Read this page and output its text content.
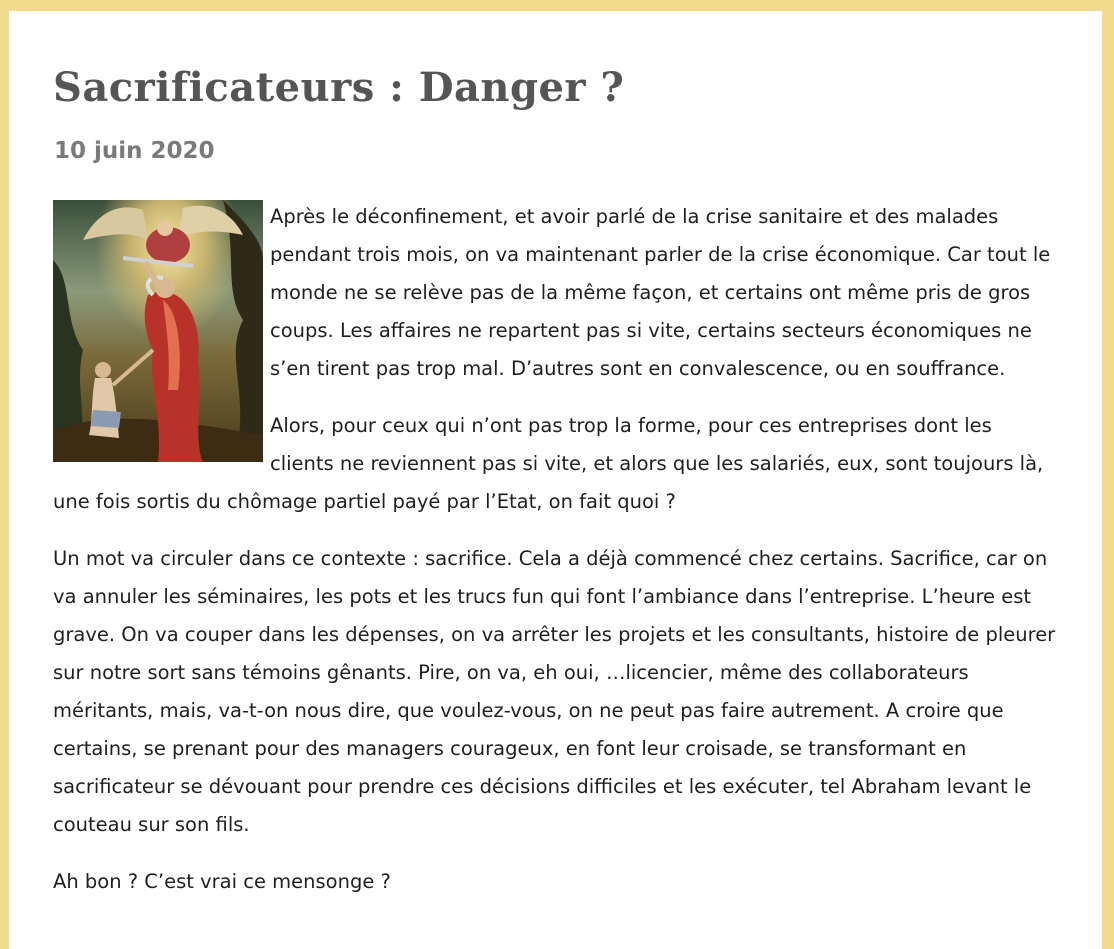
Sacrificateurs : Danger ?
10 juin 2020

Après le déconfinement, et avoir parlé de la crise sanitaire et des malades pendant trois mois, on va maintenant parler de la crise économique. Car tout le monde ne se relève pas de la même façon, et certains ont même pris de gros coups. Les affaires ne repartent pas si vite, certains secteurs économiques ne s’en tirent pas trop mal. D’autres sont en convalescence, ou en souffrance.

Alors, pour ceux qui n’ont pas trop la forme, pour ces entreprises dont les clients ne reviennent pas si vite, et alors que les salariés, eux, sont toujours là, une fois sortis du chômage partiel payé par l’Etat, on fait quoi ?

Un mot va circuler dans ce contexte : sacrifice. Cela a déjà commencé chez certains. Sacrifice, car on va annuler les séminaires, les pots et les trucs fun qui font l’ambiance dans l’entreprise. L’heure est grave. On va couper dans les dépenses, on va arrêter les projets et les consultants, histoire de pleurer sur notre sort sans témoins gênants. Pire, on va, eh oui, …licencier, même des collaborateurs méritants, mais, va-t-on nous dire, que voulez-vous, on ne peut pas faire autrement. A croire que certains, se prenant pour des managers courageux, en font leur croisade, se transformant en sacrificateur se dévouant pour prendre ces décisions difficiles et les exécuter, tel Abraham levant le couteau sur son fils.

Ah bon ? C’est vrai ce mensonge ?
